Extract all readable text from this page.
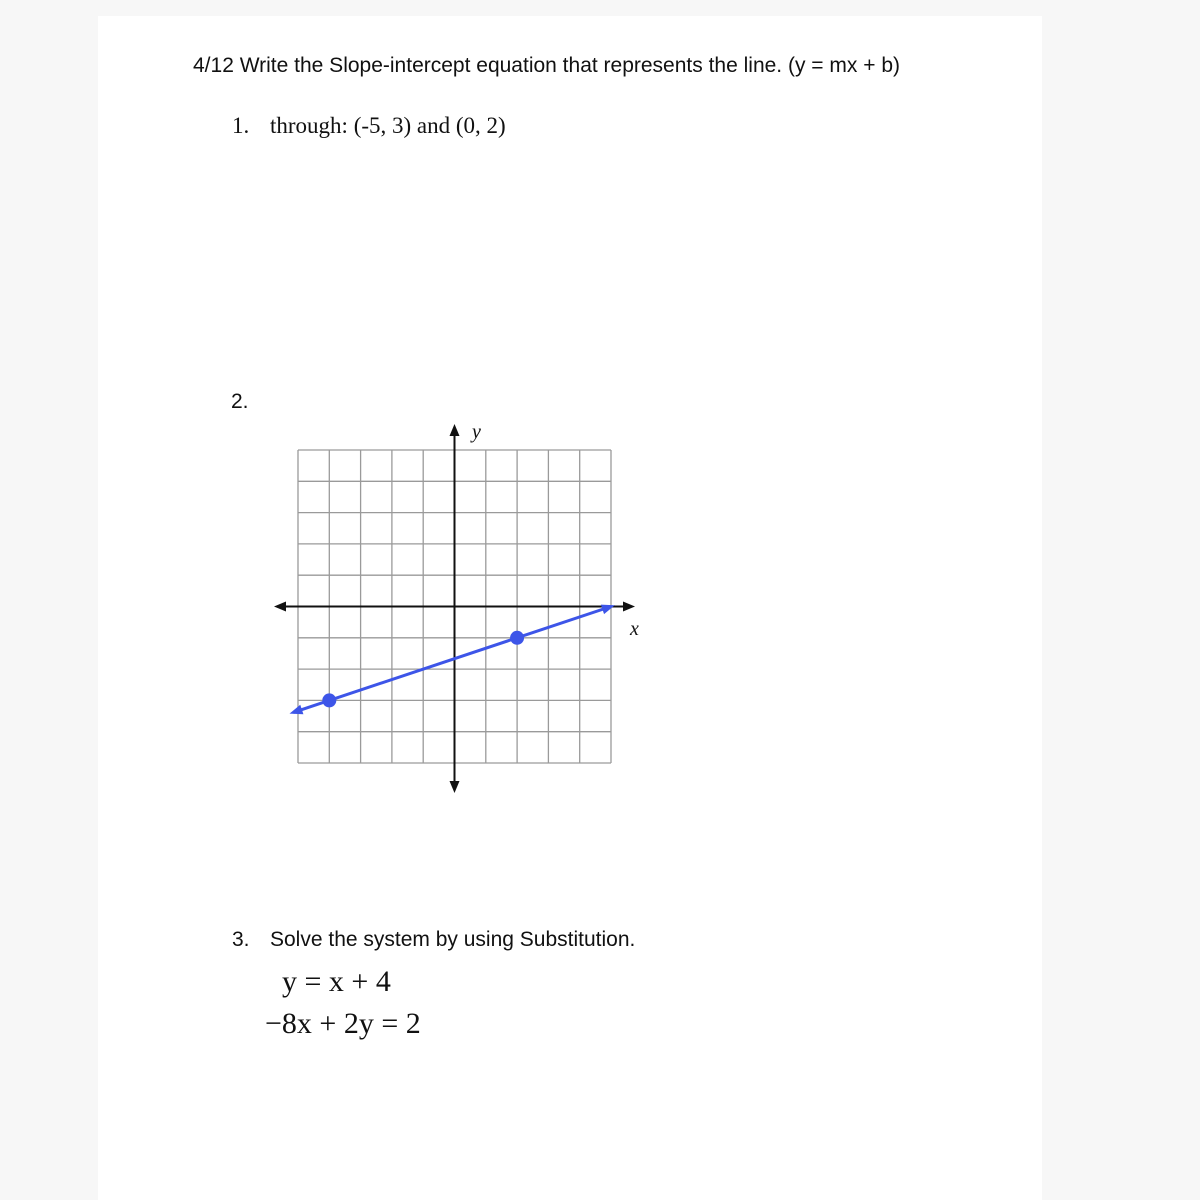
4/12 Write the Slope-intercept equation that represents the line. (y = mx + b)
1. through: (-5, 3) and (0, 2)
2.
y
x
3. Solve the system by using Substitution.
y = x + 4
−8x + 2y = 2
